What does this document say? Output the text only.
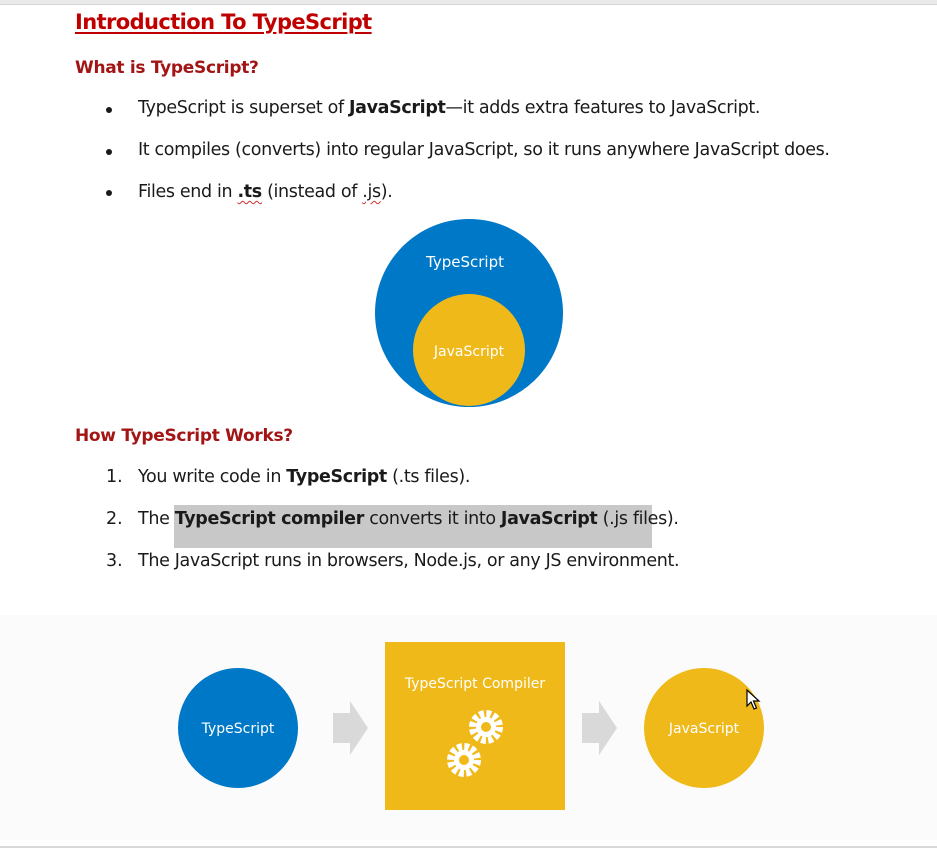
Introduction To TypeScript
What is TypeScript?
TypeScript is superset of JavaScript—it adds extra features to JavaScript.
It compiles (converts) into regular JavaScript, so it runs anywhere JavaScript does.
Files end in .ts (instead of .js).
TypeScript
JavaScript
How TypeScript Works?
1. You write code in TypeScript (.ts files).
2. The TypeScript compiler converts it into JavaScript (.js files).
3. The JavaScript runs in browsers, Node.js, or any JS environment.
TypeScript
TypeScript Compiler
JavaScript
